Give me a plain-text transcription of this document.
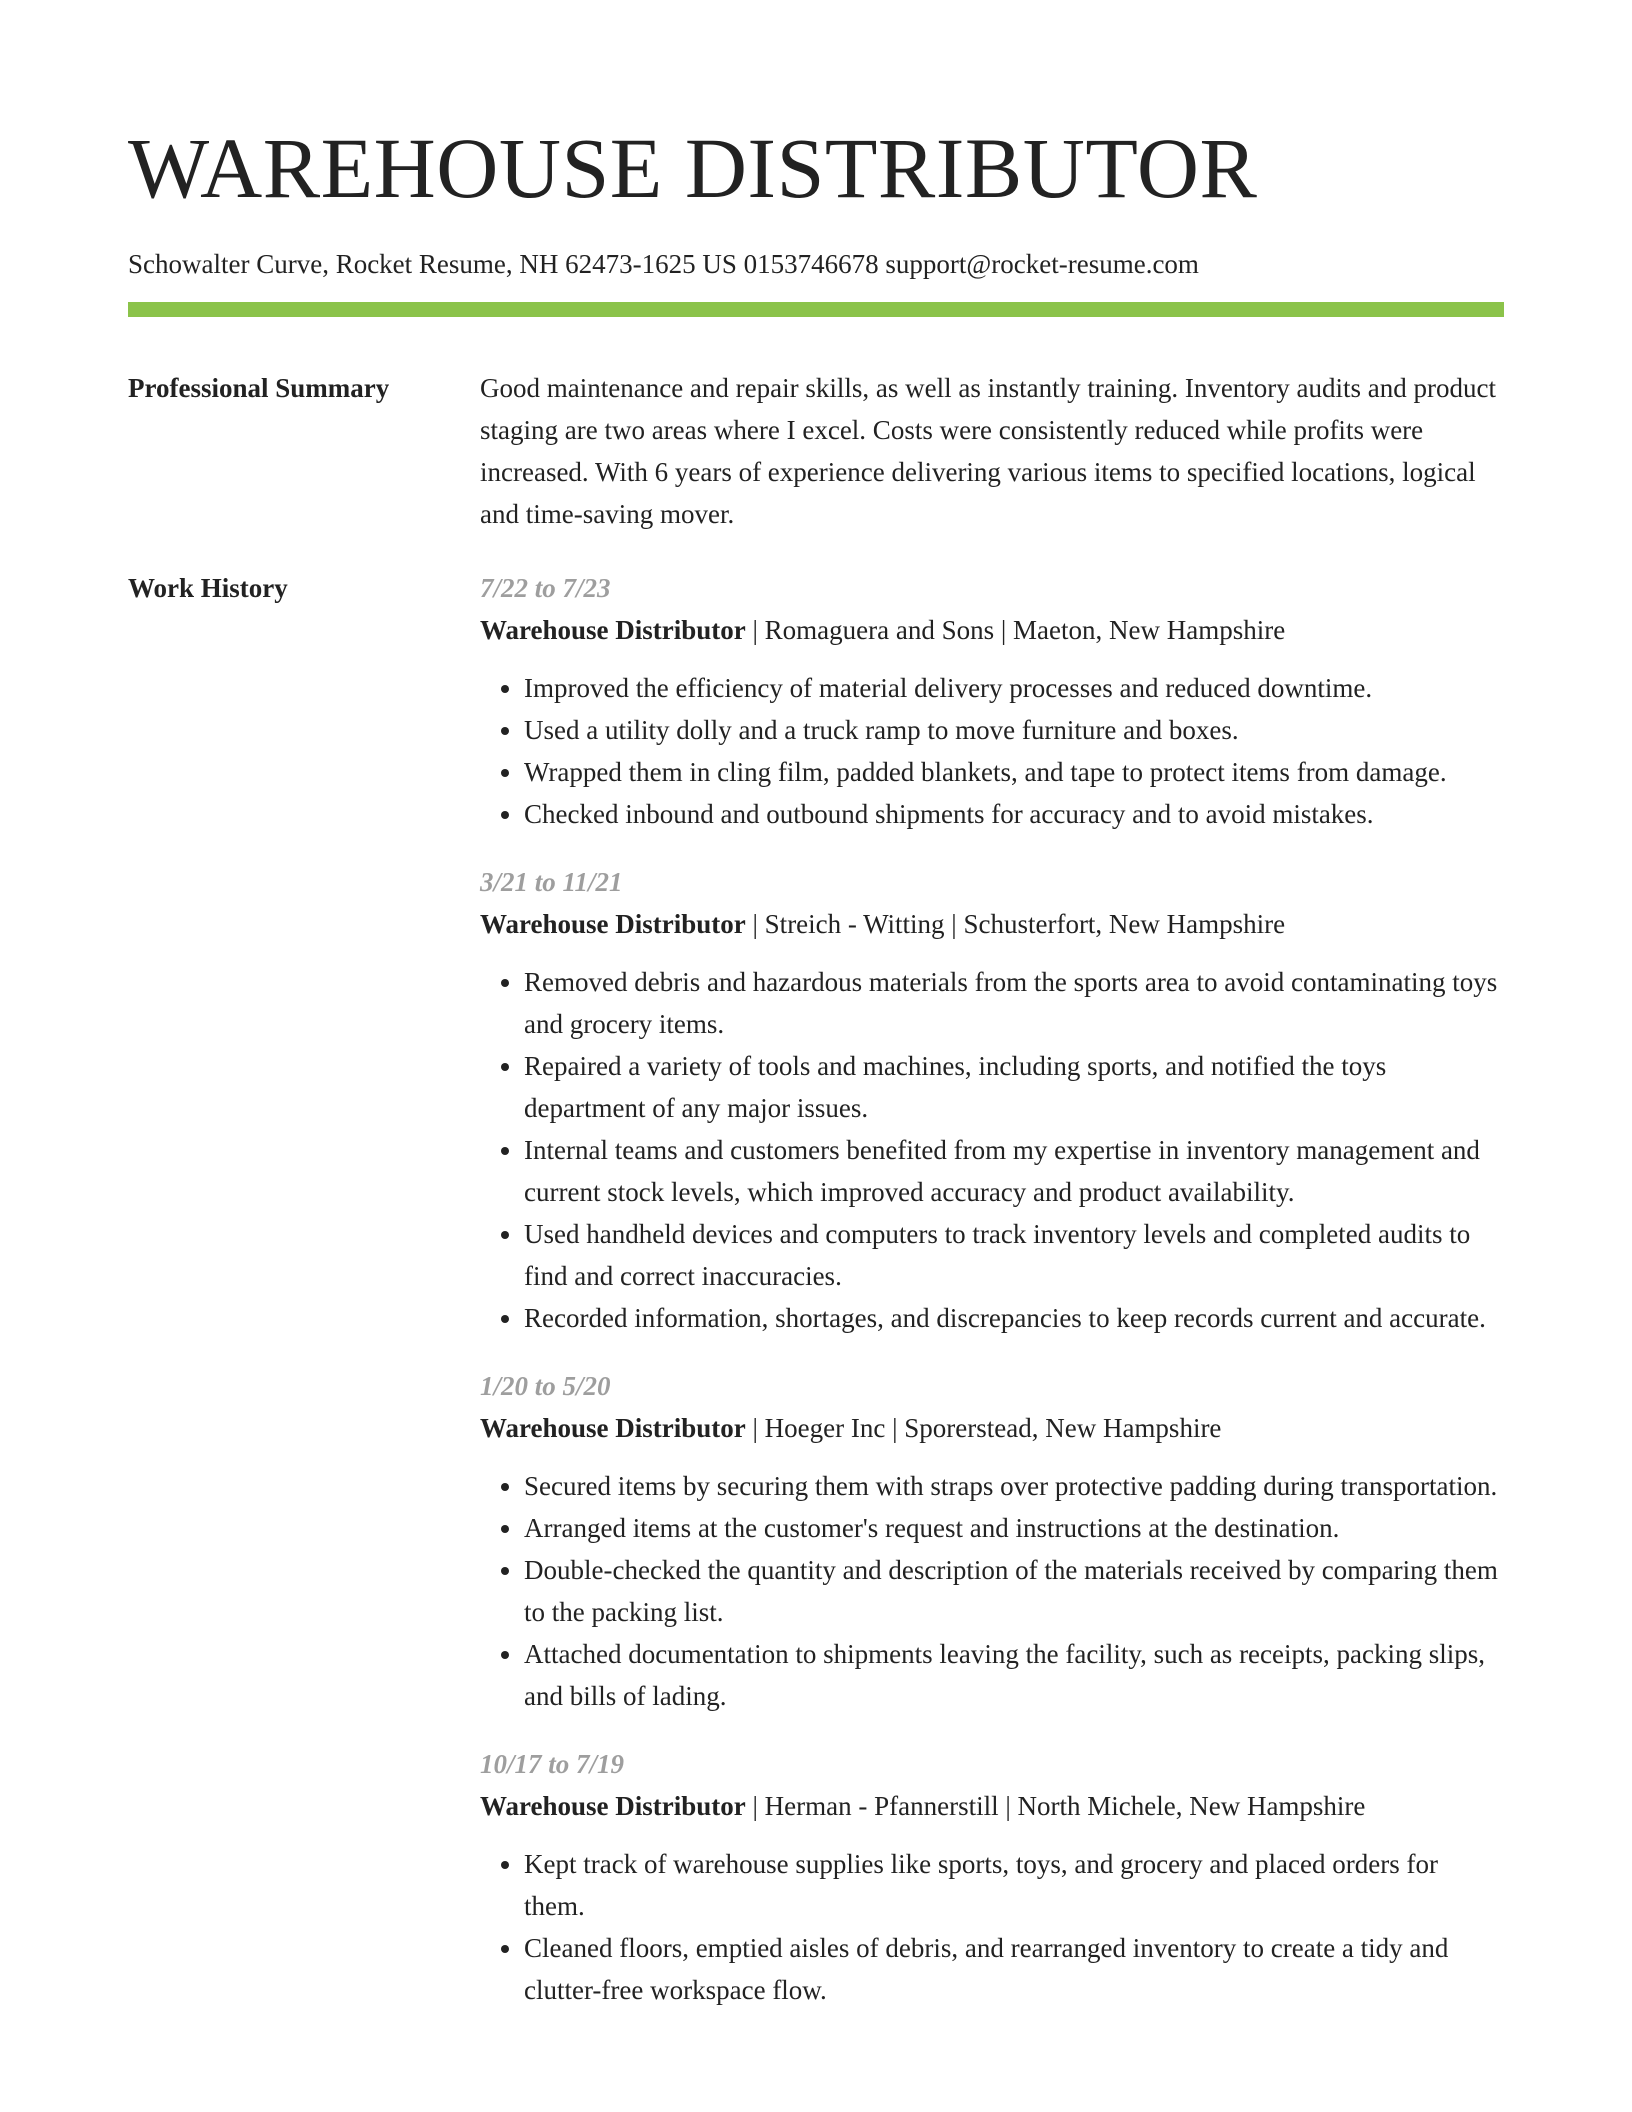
WAREHOUSE DISTRIBUTOR
Schowalter Curve, Rocket Resume, NH 62473-1625 US 0153746678 support@rocket-resume.com
Professional Summary	Good maintenance and repair skills, as well as instantly training. Inventory audits and product staging are two areas where I excel. Costs were consistently reduced while profits were increased. With 6 years of experience delivering various items to specified locations, logical and time-saving mover.

Work History	7/22 to 7/23
Warehouse Distributor | Romaguera and Sons | Maeton, New Hampshire
• Improved the efficiency of material delivery processes and reduced downtime.
• Used a utility dolly and a truck ramp to move furniture and boxes.
• Wrapped them in cling film, padded blankets, and tape to protect items from damage.
• Checked inbound and outbound shipments for accuracy and to avoid mistakes.
3/21 to 11/21
Warehouse Distributor | Streich - Witting | Schusterfort, New Hampshire
• Removed debris and hazardous materials from the sports area to avoid contaminating toys and grocery items.
• Repaired a variety of tools and machines, including sports, and notified the toys department of any major issues.
• Internal teams and customers benefited from my expertise in inventory management and current stock levels, which improved accuracy and product availability.
• Used handheld devices and computers to track inventory levels and completed audits to find and correct inaccuracies.
• Recorded information, shortages, and discrepancies to keep records current and accurate.
1/20 to 5/20
Warehouse Distributor | Hoeger Inc | Sporerstead, New Hampshire
• Secured items by securing them with straps over protective padding during transportation.
• Arranged items at the customer's request and instructions at the destination.
• Double-checked the quantity and description of the materials received by comparing them to the packing list.
• Attached documentation to shipments leaving the facility, such as receipts, packing slips, and bills of lading.
10/17 to 7/19
Warehouse Distributor | Herman - Pfannerstill | North Michele, New Hampshire
• Kept track of warehouse supplies like sports, toys, and grocery and placed orders for them.
• Cleaned floors, emptied aisles of debris, and rearranged inventory to create a tidy and clutter-free workspace flow.
